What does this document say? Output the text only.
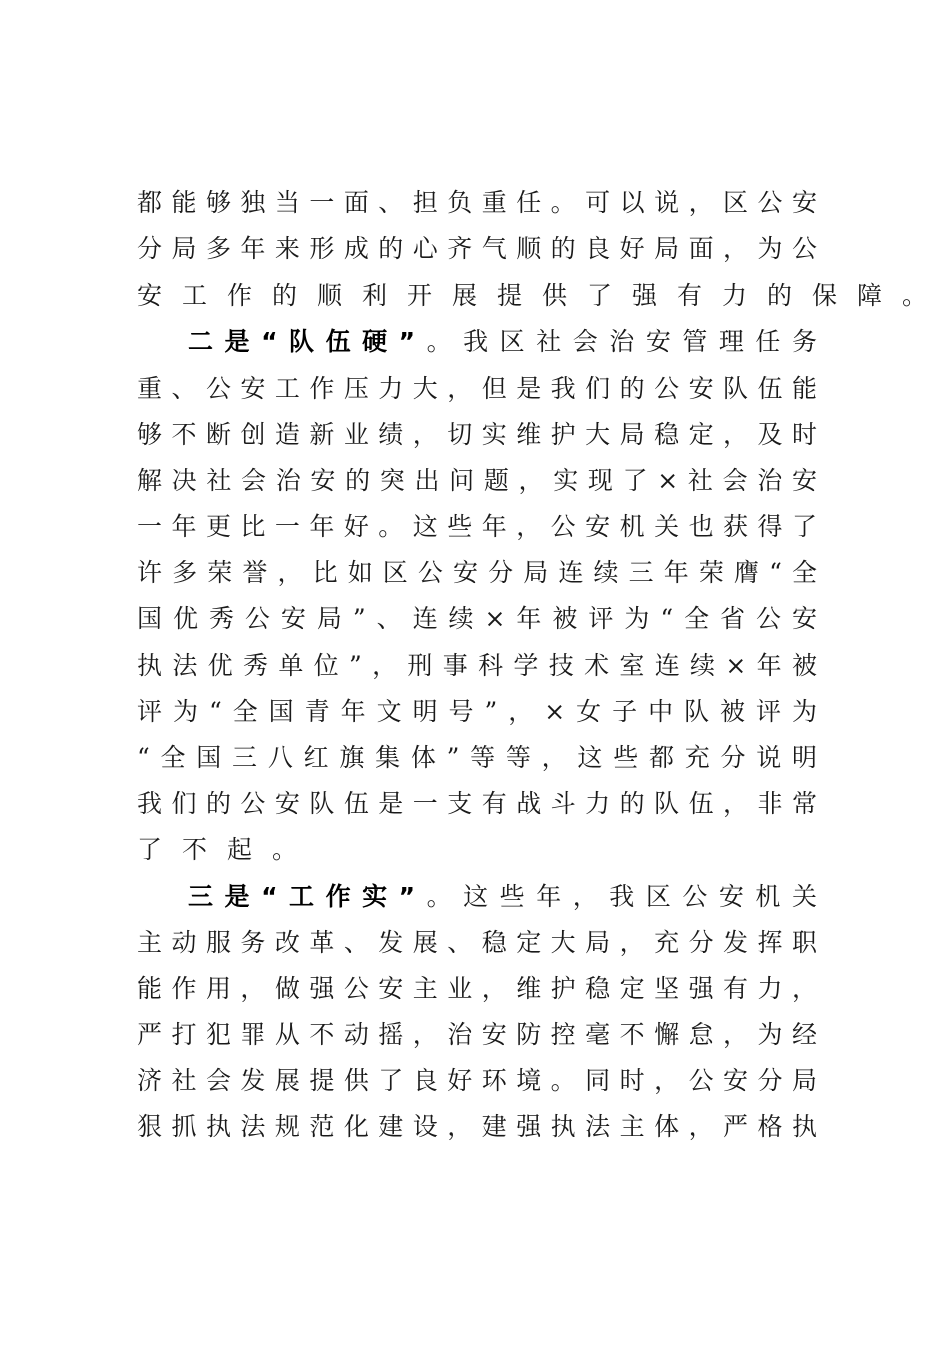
都能够独当一面、担负重任。可以说，区公安
分局多年来形成的心齐气顺的良好局面，为公
安工作的顺利开展提供了强有力的保障。
二是“队伍硬”。我区社会治安管理任务
重、公安工作压力大，但是我们的公安队伍能
够不断创造新业绩，切实维护大局稳定，及时
解决社会治安的突出问题，实现了×社会治安
一年更比一年好。这些年，公安机关也获得了
许多荣誉，比如区公安分局连续三年荣膺“全
国优秀公安局”、连续×年被评为“全省公安
执法优秀单位”，刑事科学技术室连续×年被
评为“全国青年文明号”，×女子中队被评为
“全国三八红旗集体”等等，这些都充分说明
我们的公安队伍是一支有战斗力的队伍，非常
了不起。
三是“工作实”。这些年，我区公安机关
主动服务改革、发展、稳定大局，充分发挥职
能作用，做强公安主业，维护稳定坚强有力，
严打犯罪从不动摇，治安防控毫不懈怠，为经
济社会发展提供了良好环境。同时，公安分局
狠抓执法规范化建设，建强执法主体，严格执
